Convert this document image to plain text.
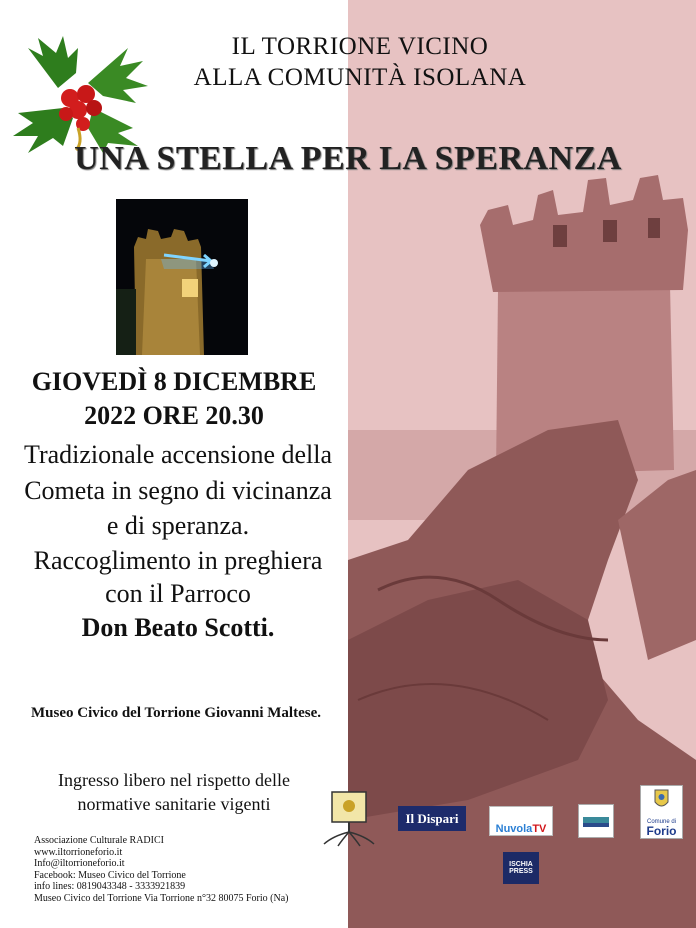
IL TORRIONE VICINO
ALLA COMUNITÀ ISOLANA
UNA STELLA PER LA SPERANZA
GIOVEDÌ 8 DICEMBRE
2022 ORE 20.30
Tradizionale accensione della
Cometa in segno di vicinanza
e di speranza.
Raccoglimento in preghiera
con il Parroco
Don Beato Scotti.
Museo Civico del Torrione Giovanni Maltese.
Ingresso libero nel rispetto delle
normative sanitarie vigenti
Associazione Culturale RADICI
www.iltorrioneforio.it
Info@iltorrioneforio.it
Facebook: Museo Civico del Torrione
info lines: 0819043348 - 3333921839
Museo Civico del Torrione Via Torrione n°32 80075 Forio (Na)
Il Dispari
Nuvola TV
Comune di
Forio
ISCHIA PRESS
